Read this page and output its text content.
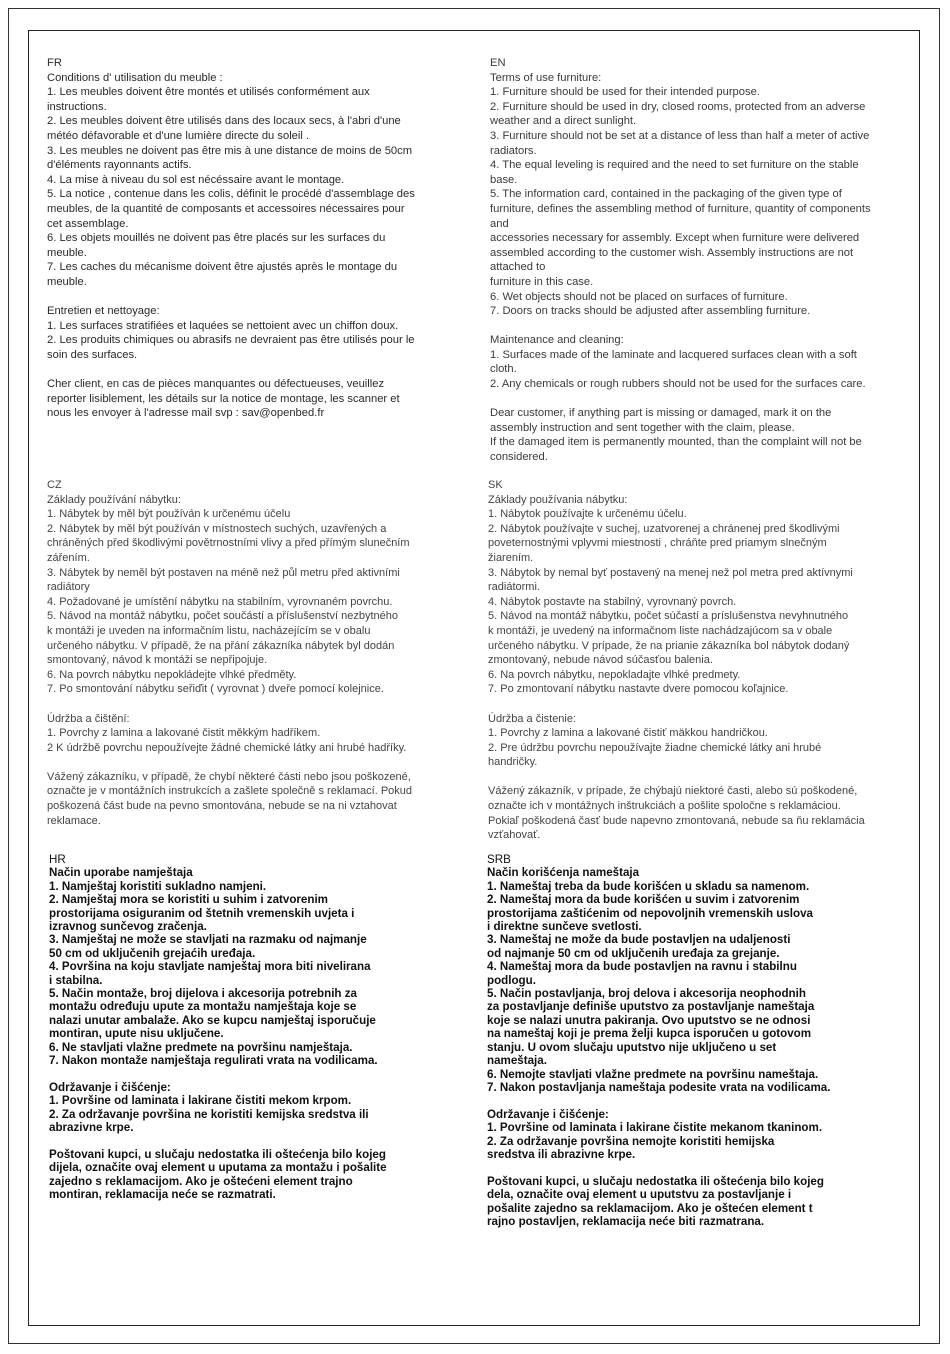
FR

Conditions d' utilisation du meuble :

1. Les meubles doivent être montés et utilisés conformément aux

instructions.

2. Les meubles doivent être utilisés dans des locaux secs, à l'abri d'une

météo défavorable et d'une lumière directe du soleil .

3. Les meubles ne doivent pas être mis à une distance de moins de 50cm

d'éléments rayonnants actifs.

4. La mise à niveau du sol est nécéssaire avant le montage.

5. La notice , contenue dans les colis, définit le procédé d'assemblage des

meubles, de la quantité de composants et accessoires nécessaires pour

cet assemblage.

6. Les objets mouillés ne doivent pas être placés sur les surfaces du

meuble.

7. Les caches du mécanisme doivent être ajustés après le montage du

meuble.

Entretien et nettoyage:

1. Les surfaces stratifiées et laquées se nettoient avec un chiffon doux.

2. Les produits chimiques ou abrasifs ne devraient pas être utilisés pour le

soin des surfaces.

Cher client, en cas de pièces manquantes ou défectueuses, veuillez

reporter lisiblement, les détails sur la notice de montage, les scanner et

nous les envoyer à l'adresse mail svp : sav@openbed.fr

EN

Terms of use furniture:

1. Furniture should be used for their intended purpose.

2. Furniture should be used in dry, closed rooms, protected from an adverse

weather and a direct sunlight.

3. Furniture should not be set at a distance of less than half a meter of active

radiators.

4. The equal leveling is required and the need to set furniture on the stable

base.

5. The information card, contained in the packaging of the given type of

furniture, defines the assembling method of furniture, quantity of components

and

accessories necessary for assembly. Except when furniture were delivered

assembled according to the customer wish. Assembly instructions are not

attached to

furniture in this case.

6. Wet objects should not be placed on surfaces of furniture.

7. Doors on tracks should be adjusted after assembling furniture.

Maintenance and cleaning:

1. Surfaces made of the laminate and lacquered surfaces clean with a soft

cloth.

2. Any chemicals or rough rubbers should not be used for the surfaces care.

Dear customer, if anything part is missing or damaged, mark it on the

assembly instruction and sent together with the claim, please.

If the damaged item is permanently mounted, than the complaint will not be

considered.

CZ

Základy používání nábytku:

1. Nábytek by měl být používán k určenému účelu

2. Nábytek by měl být používán v místnostech suchých, uzavřených a

chráněných před škodlivými povětrnostními vlivy a před přímým slunečním

zářením.

3. Nábytek by neměl být postaven na méně než půl metru před aktivními

radiátory

4. Požadované je umístění nábytku na stabilním, vyrovnaném povrchu.

5. Návod na montáž nábytku, počet součástí a příslušenství nezbytného

k montáži je uveden na informačním listu, nacházejícím se v obalu

určeného nábytku. V případě, že na přání zákazníka nábytek byl dodán

smontovaný, návod k montáži se nepřipojuje.

6. Na povrch nábytku nepokládejte vlhké předměty.

7. Po smontování nábytku seřiďit ( vyrovnat ) dveře pomocí kolejnice.

Údržba a čištění:

1. Povrchy z lamina a lakované čistit měkkým hadříkem.

2 K údržbě povrchu nepoužívejte žádné chemické látky ani hrubé hadříky.

Vážený zákazníku, v případě, že chybí některé části nebo jsou poškozené,

označte je v montážních instrukcích a zašlete společně s reklamací. Pokud

poškozená část bude na pevno smontována, nebude se na ni vztahovat

reklamace.

SK

Základy používania nábytku:

1. Nábytok používajte k určenému účelu.

2. Nábytok používajte v suchej, uzatvorenej a chránenej pred škodlivými

poveternostnými vplyvmi miestnosti , chráňte pred priamym slnečným

žiarením.

3. Nábytok by nemal byť postavený na menej než pol metra pred aktívnymi

radiátormi.

4. Nábytok postavte na stabilný, vyrovnaný povrch.

5. Návod na montáž nábytku, počet súčastí a príslušenstva nevyhnutného

k montáži, je uvedený na informačnom liste nachádzajúcom sa v obale

určeného nábytku. V prípade, že na prianie zákazníka bol nábytok dodaný

zmontovaný, nebude návod súčasťou balenia.

6. Na povrch nábytku, nepokladajte vlhké predmety.

7. Po zmontovaní nábytku nastavte dvere pomocou koľajnice.

Údržba a čistenie:

1. Povrchy z lamina a lakované čistiť mäkkou handričkou.

2. Pre údržbu povrchu nepoužívajte žiadne chemické látky ani hrubé

handričky.

Vážený zákazník, v prípade, že chýbajú niektoré časti, alebo sú poškodené,

označte ich v montážnych inštrukciách a pošlite spoločne s reklamáciou.

Pokiaľ poškodená časť bude napevno zmontovaná, nebude sa ňu reklamácia

vzťahovať.

HR

Način uporabe namještaja

1. Namještaj koristiti sukladno namjeni.

2. Namještaj mora se koristiti u suhim i zatvorenim

prostorijama osiguranim od štetnih vremenskih uvjeta i

izravnog sunčevog zračenja.

3. Namještaj ne može se stavljati na razmaku od najmanje

50 cm od uključenih grejaćih uređaja.

4. Površina na koju stavljate namještaj mora biti nivelirana

i stabilna.

5. Način montaže, broj dijelova i akcesorija potrebnih za

montažu određuju upute za montažu namještaja koje se

nalazi unutar ambalaže. Ako se kupcu namještaj isporučuje

montiran, upute nisu uključene.

6. Ne stavljati vlažne predmete na površinu namještaja.

7. Nakon montaže namještaja regulirati vrata na vodilicama.

Održavanje i čišćenje:

1. Površine od laminata i lakirane čistiti mekom krpom.

2. Za održavanje površina ne koristiti kemijska sredstva ili

abrazivne krpe.

Poštovani kupci, u slučaju nedostatka ili oštećenja bilo kojeg

dijela, označite ovaj element u uputama za montažu i pošalite

zajedno s reklamacijom. Ako je oštećeni element trajno

montiran, reklamacija neće se razmatrati.

SRB

Način korišćenja nameštaja

1. Nameštaj treba da bude korišćen u skladu sa namenom.

2. Nameštaj mora da bude korišćen u suvim i zatvorenim

prostorijama zaštićenim od nepovoljnih vremenskih uslova

i direktne sunčeve svetlosti.

3. Nameštaj ne može da bude postavljen na udaljenosti

od najmanje 50 cm od uključenih uređaja za grejanje.

4. Nameštaj mora da bude postavljen na ravnu i stabilnu

podlogu.

5. Način postavljanja, broj delova i akcesorija neophodnih

za postavljanje definiše uputstvo za postavljanje nameštaja

koje se nalazi unutra pakiranja. Ovo uputstvo se ne odnosi

na nameštaj koji je prema želji kupca isporučen u gotovom

stanju. U ovom slučaju uputstvo nije uključeno u set

nameštaja.

6. Nemojte stavljati vlažne predmete na površinu nameštaja.

7. Nakon postavljanja nameštaja podesite vrata na vodilicama.

Održavanje i čišćenje:

1. Površine od laminata i lakirane čistite mekanom tkaninom.

2. Za održavanje površina nemojte koristiti hemijska

sredstva ili abrazivne krpe.

Poštovani kupci, u slučaju nedostatka ili oštećenja bilo kojeg

dela, označite ovaj element u uputstvu za postavljanje i

pošalite zajedno sa reklamacijom. Ako je oštećen element t

rajno postavljen, reklamacija neće biti razmatrana.
